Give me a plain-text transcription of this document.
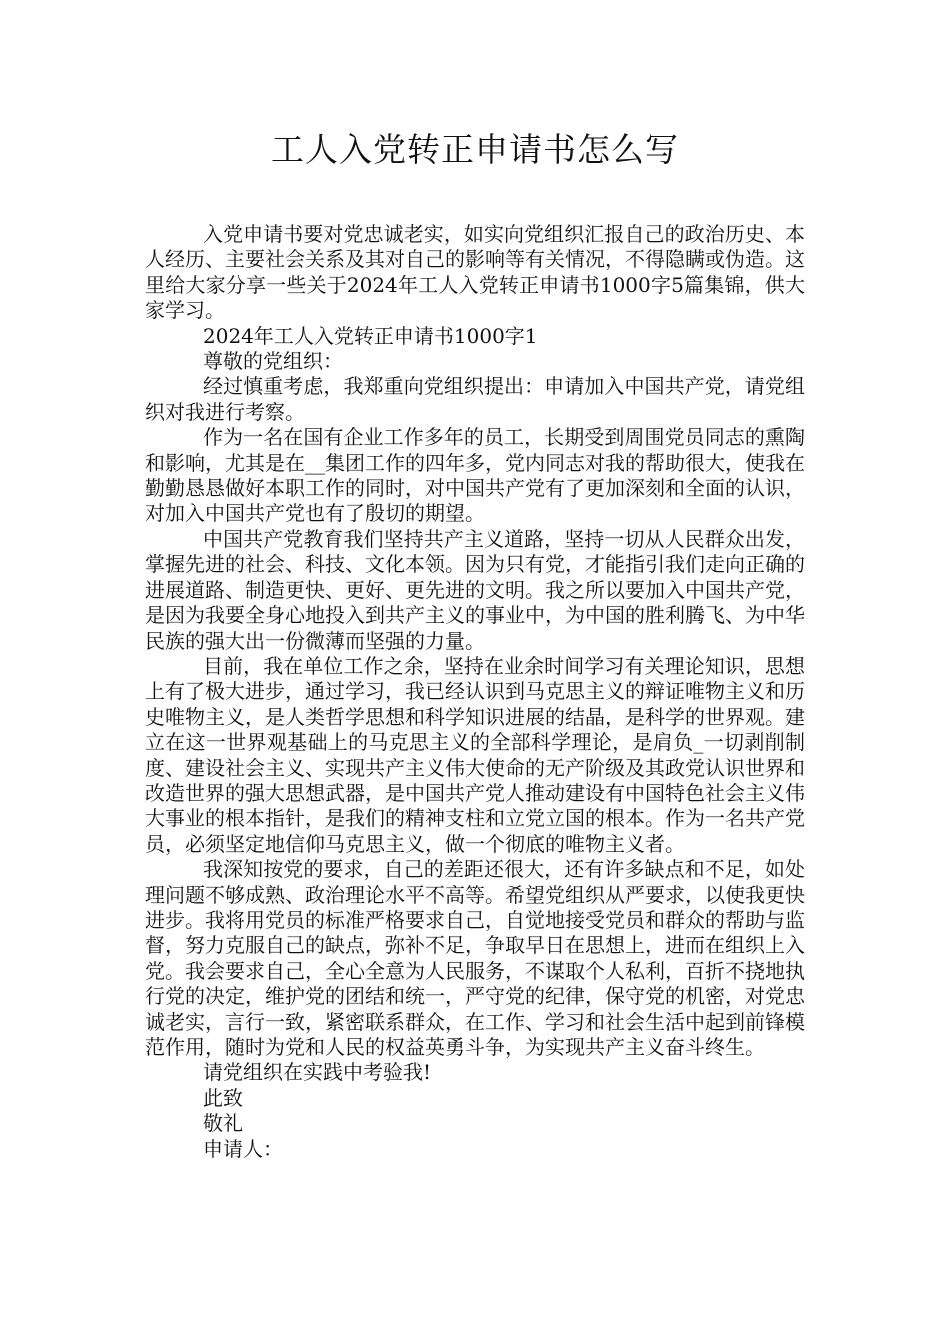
工人入党转正申请书怎么写

入党申请书要对党忠诚老实，如实向党组织汇报自己的政治历史、本人经历、主要社会关系及其对自己的影响等有关情况，不得隐瞒或伪造。这里给大家分享一些关于2024年工人入党转正申请书1000字5篇集锦，供大家学习。

2024年工人入党转正申请书1000字1

尊敬的党组织：

经过慎重考虑，我郑重向党组织提出：申请加入中国共产党，请党组织对我进行考察。

作为一名在国有企业工作多年的员工，长期受到周围党员同志的熏陶和影响，尤其是在__集团工作的四年多，党内同志对我的帮助很大，使我在勤勤恳恳做好本职工作的同时，对中国共产党有了更加深刻和全面的认识，对加入中国共产党也有了殷切的期望。

中国共产党教育我们坚持共产主义道路，坚持一切从人民群众出发，掌握先进的社会、科技、文化本领。因为只有党，才能指引我们走向正确的进展道路、制造更快、更好、更先进的文明。我之所以要加入中国共产党，是因为我要全身心地投入到共产主义的事业中，为中国的胜利腾飞、为中华民族的强大出一份微薄而坚强的力量。

目前，我在单位工作之余，坚持在业余时间学习有关理论知识，思想上有了极大进步，通过学习，我已经认识到马克思主义的辩证唯物主义和历史唯物主义，是人类哲学思想和科学知识进展的结晶，是科学的世界观。建立在这一世界观基础上的马克思主义的全部科学理论，是肩负_一切剥削制度、建设社会主义、实现共产主义伟大使命的无产阶级及其政党认识世界和改造世界的强大思想武器，是中国共产党人推动建设有中国特色社会主义伟大事业的根本指针，是我们的精神支柱和立党立国的根本。作为一名共产党员，必须坚定地信仰马克思主义，做一个彻底的唯物主义者。

我深知按党的要求，自己的差距还很大，还有许多缺点和不足，如处理问题不够成熟、政治理论水平不高等。希望党组织从严要求，以使我更快进步。我将用党员的标准严格要求自己，自觉地接受党员和群众的帮助与监督，努力克服自己的缺点，弥补不足，争取早日在思想上，进而在组织上入党。我会要求自己，全心全意为人民服务，不谋取个人私利，百折不挠地执行党的决定，维护党的团结和统一，严守党的纪律，保守党的机密，对党忠诚老实，言行一致，紧密联系群众，在工作、学习和社会生活中起到前锋模范作用，随时为党和人民的权益英勇斗争，为实现共产主义奋斗终生。

请党组织在实践中考验我!

此致

敬礼

申请人：
